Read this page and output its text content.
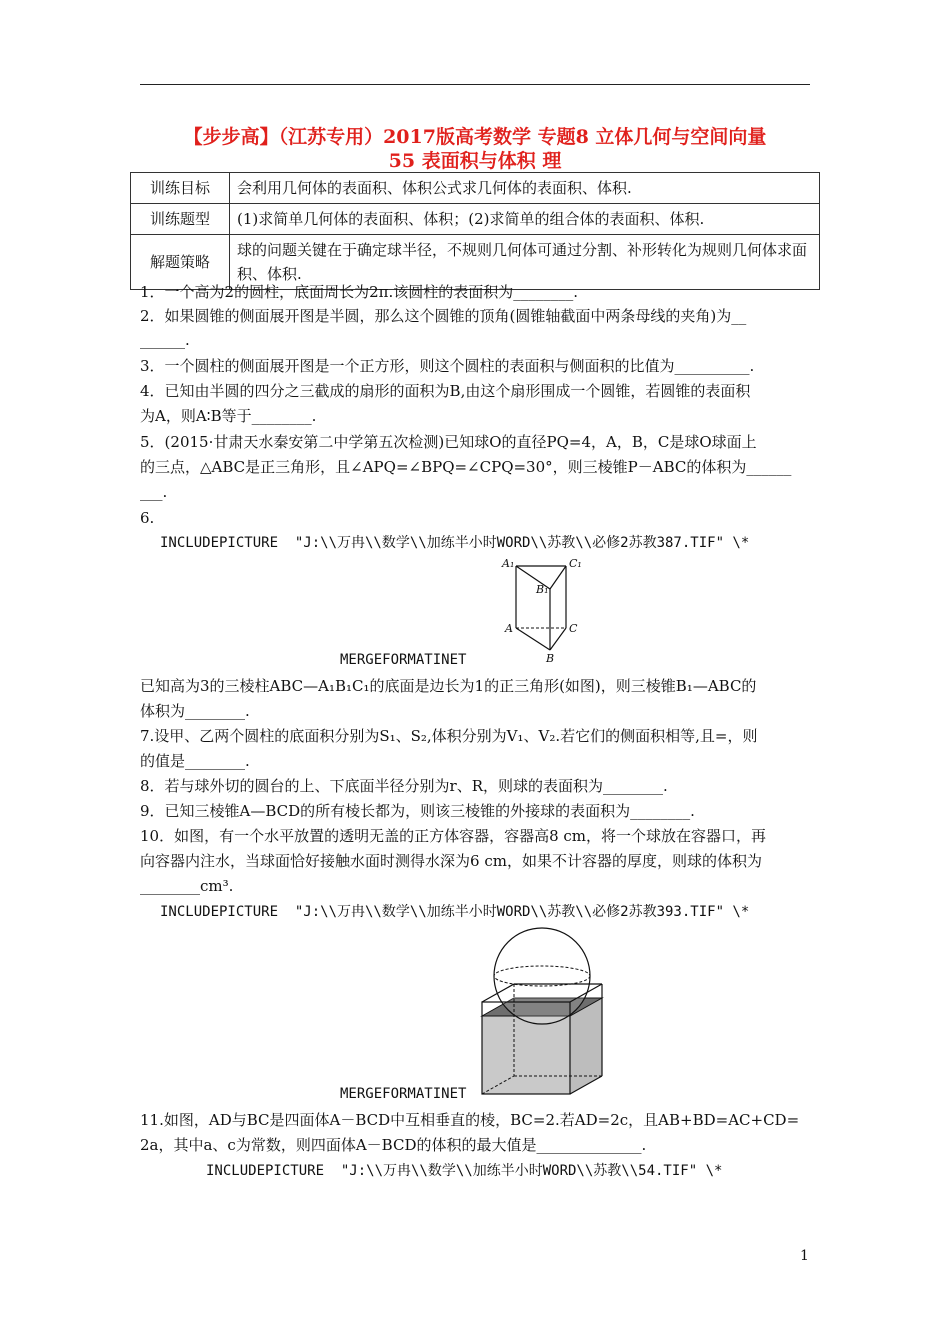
【步步高】（江苏专用）2017版高考数学 专题8 立体几何与空间向量
55 表面积与体积 理
训练目标	会利用几何体的表面积、体积公式求几何体的表面积、体积.
训练题型	(1)求简单几何体的表面积、体积；(2)求简单的组合体的表面积、体积.
解题策略	球的问题关键在于确定球半径，不规则几何体可通过分割、补形转化为规则几何体求面积、体积.
1．一个高为2的圆柱，底面周长为2π.该圆柱的表面积为________.
2．如果圆锥的侧面展开图是半圆，那么这个圆锥的顶角(圆锥轴截面中两条母线的夹角)为__
______.
3．一个圆柱的侧面展开图是一个正方形，则这个圆柱的表面积与侧面积的比值为__________.
4．已知由半圆的四分之三截成的扇形的面积为B,由这个扇形围成一个圆锥，若圆锥的表面积
为A，则A∶B等于________.
5．(2015·甘肃天水秦安第二中学第五次检测)已知球O的直径PQ=4，A，B，C是球O球面上
的三点，△ABC是正三角形，且∠APQ=∠BPQ=∠CPQ=30°，则三棱锥P－ABC的体积为______
___.
6.
INCLUDEPICTURE  "J:\\万冉\\数学\\加练半小时WORD\\苏教\\必修2苏教387.TIF" \*
A₁	C₁
B₁
A	C
B
MERGEFORMATINET
已知高为3的三棱柱ABC—A₁B₁C₁的底面是边长为1的正三角形(如图)，则三棱锥B₁—ABC的
体积为________.
7.设甲、乙两个圆柱的底面积分别为S₁、S₂,体积分别为V₁、V₂.若它们的侧面积相等,且=，则
的值是________.
8．若与球外切的圆台的上、下底面半径分别为r、R，则球的表面积为________.
9．已知三棱锥A—BCD的所有棱长都为，则该三棱锥的外接球的表面积为________.
10．如图，有一个水平放置的透明无盖的正方体容器，容器高8 cm，将一个球放在容器口，再
向容器内注水，当球面恰好接触水面时测得水深为6 cm，如果不计容器的厚度，则球的体积为
________cm³.
INCLUDEPICTURE  "J:\\万冉\\数学\\加练半小时WORD\\苏教\\必修2苏教393.TIF" \*
MERGEFORMATINET
11.如图，AD与BC是四面体A－BCD中互相垂直的棱，BC=2.若AD=2c，且AB+BD=AC+CD=
2a，其中a、c为常数，则四面体A－BCD的体积的最大值是______________.
INCLUDEPICTURE  "J:\\万冉\\数学\\加练半小时WORD\\苏教\\54.TIF" \*
1
